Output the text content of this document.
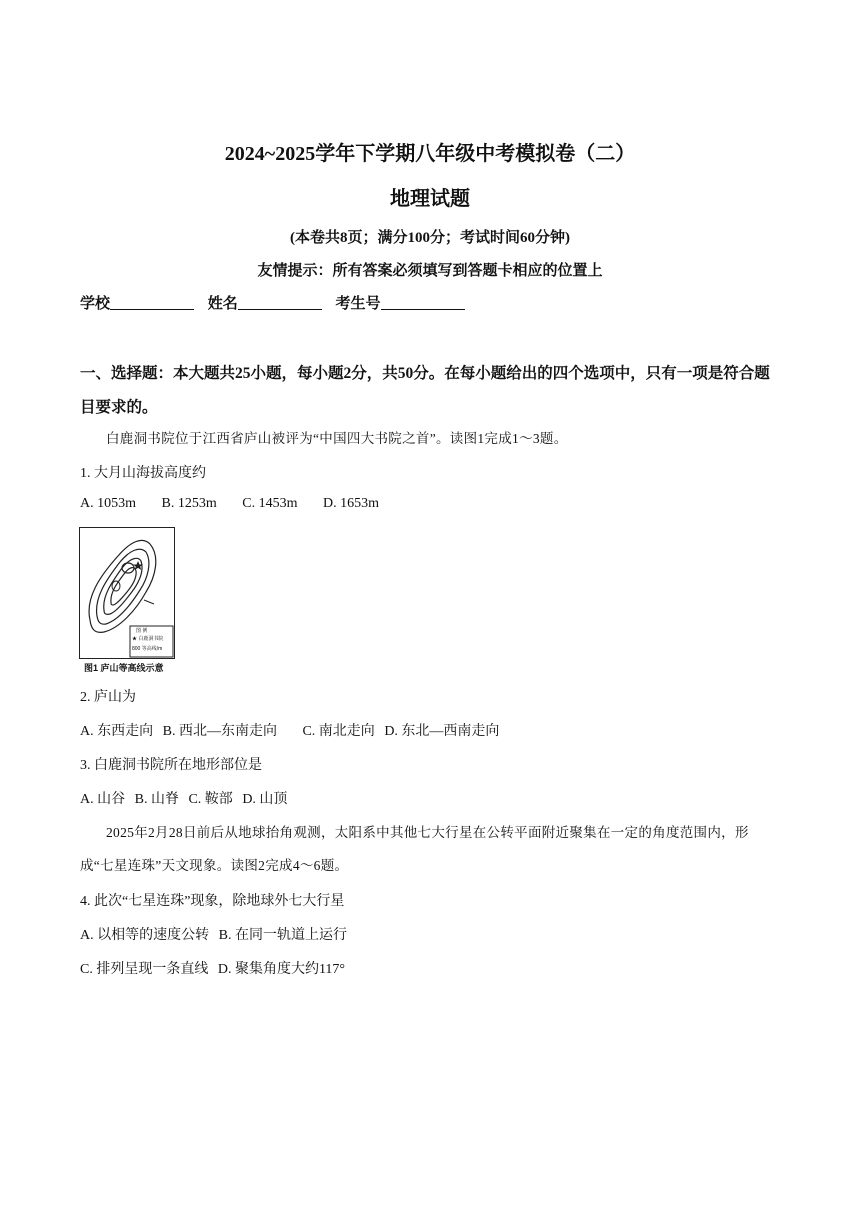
2024~2025学年下学期八年级中考模拟卷（二）
地理试题
(本卷共8页；满分100分；考试时间60分钟)
友情提示：所有答案必须填写到答题卡相应的位置上
学校	姓名	考生号
一、选择题：本大题共25小题，每小题2分，共50分。在每小题给出的四个选项中，只有一项是符合题目要求的。
白鹿洞书院位于江西省庐山被评为“中国四大书院之首”。读图1完成1～3题。
1. 大月山海拔高度约
A. 1053m B. 1253m C. 1453m D. 1653m
图 例
★ 白鹿洞书院
800 等高线/m
图1 庐山等高线示意
2. 庐山为
A. 东西走向 B. 西北—东南走向 C. 南北走向 D. 东北—西南走向
3. 白鹿洞书院所在地形部位是
A. 山谷 B. 山脊 C. 鞍部 D. 山顶
2025年2月28日前后从地球抬角观测，太阳系中其他七大行星在公转平面附近聚集在一定的角度范围内，形成“七星连珠”天文现象。读图2完成4～6题。
4. 此次“七星连珠”现象，除地球外七大行星
A. 以相等的速度公转 B. 在同一轨道上运行
C. 排列呈现一条直线 D. 聚集角度大约117°
